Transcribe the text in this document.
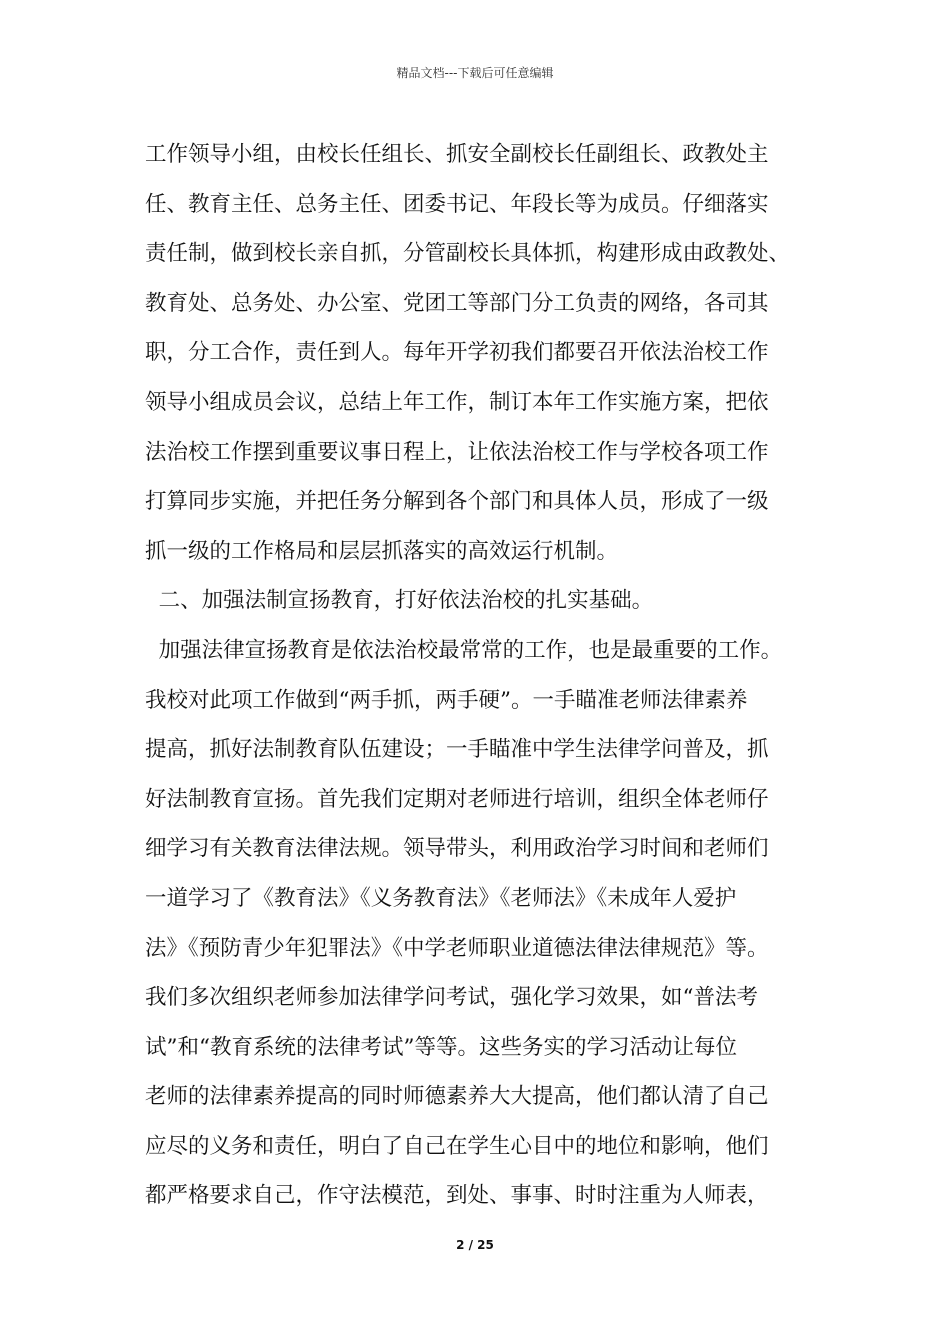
精品文档---下载后可任意编辑
工作领导小组，由校长任组长、抓安全副校长任副组长、政教处主
任、教育主任、总务主任、团委书记、年段长等为成员。仔细落实
责任制，做到校长亲自抓，分管副校长具体抓，构建形成由政教处、
教育处、总务处、办公室、党团工等部门分工负责的网络，各司其
职，分工合作，责任到人。每年开学初我们都要召开依法治校工作
领导小组成员会议，总结上年工作，制订本年工作实施方案，把依
法治校工作摆到重要议事日程上，让依法治校工作与学校各项工作
打算同步实施，并把任务分解到各个部门和具体人员，形成了一级
抓一级的工作格局和层层抓落实的高效运行机制。
二、加强法制宣扬教育，打好依法治校的扎实基础。
加强法律宣扬教育是依法治校最常常的工作，也是最重要的工作。
我校对此项工作做到“两手抓，两手硬”。一手瞄准老师法律素养
提高，抓好法制教育队伍建设；一手瞄准中学生法律学问普及，抓
好法制教育宣扬。首先我们定期对老师进行培训，组织全体老师仔
细学习有关教育法律法规。领导带头，利用政治学习时间和老师们
一道学习了《教育法》《义务教育法》《老师法》《未成年人爱护
法》《预防青少年犯罪法》《中学老师职业道德法律法律规范》等。
我们多次组织老师参加法律学问考试，强化学习效果，如“普法考
试”和“教育系统的法律考试”等等。这些务实的学习活动让每位
老师的法律素养提高的同时师德素养大大提高，他们都认清了自己
应尽的义务和责任，明白了自己在学生心目中的地位和影响，他们
都严格要求自己，作守法模范，到处、事事、时时注重为人师表，
2 / 25
